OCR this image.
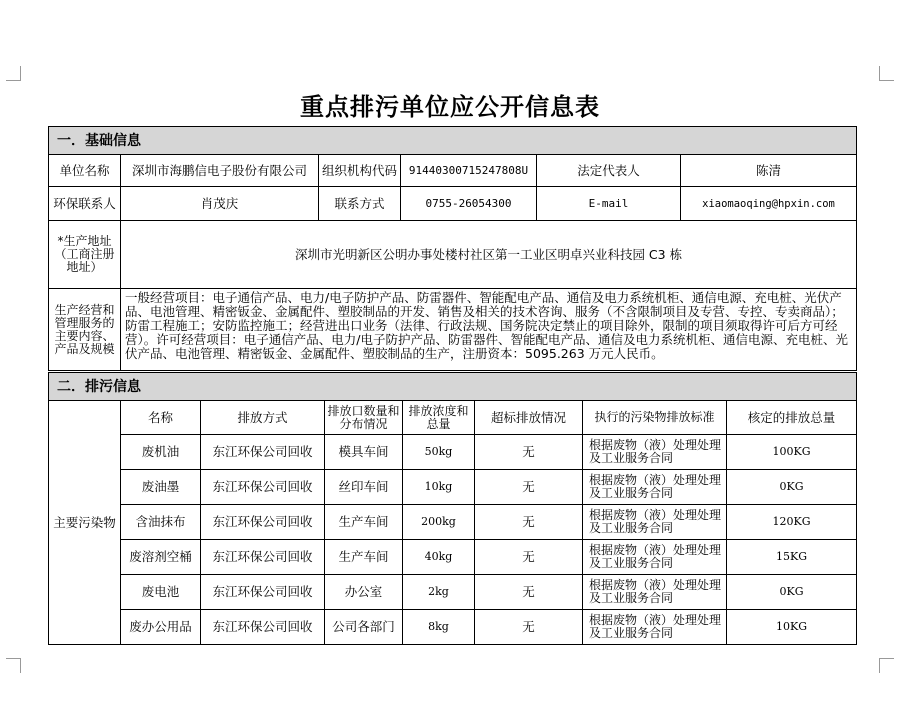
重点排污单位应公开信息表
一．基础信息					
单位名称	深圳市海鹏信电子股份有限公司	组织机构代码	91440300715247808U	法定代表人	陈清
环保联系人	肖茂庆	联系方式	0755-26054300	E-mail	xiaomaoqing@hpxin.com
*生产地址（工商注册地址）	深圳市光明新区公明办事处楼村社区第一工业区明卓兴业科技园 C3 栋				
生产经营和管理服务的主要内容、产品及规模	一般经营项目：电子通信产品、电力/电子防护产品、防雷器件、智能配电产品、通信及电力系统机柜、通信电源、充电桩、光伏产品、电池管理、精密钣金、金属配件、塑胶制品的开发、销售及相关的技术咨询、服务（不含限制项目及专营、专控、专卖商品）；防雷工程施工；安防监控施工；经营进出口业务（法律、行政法规、国务院决定禁止的项目除外，限制的项目须取得许可后方可经营）。许可经营项目：电子通信产品、电力/电子防护产品、防雷器件、智能配电产品、通信及电力系统机柜、通信电源、充电桩、光伏产品、电池管理、精密钣金、金属配件、塑胶制品的生产，注册资本：5095.263 万元人民币。				
二．排污信息							
主要污染物	名称	排放方式	排放口数量和分布情况	排放浓度和总量	超标排放情况	执行的污染物排放标准	核定的排放总量
	废机油	东江环保公司回收	模具车间	50kg	无	根据废物（液）处理处理及工业服务合同	100KG
	废油墨	东江环保公司回收	丝印车间	10kg	无	根据废物（液）处理处理及工业服务合同	0KG
	含油抹布	东江环保公司回收	生产车间	200kg	无	根据废物（液）处理处理及工业服务合同	120KG
	废溶剂空桶	东江环保公司回收	生产车间	40kg	无	根据废物（液）处理处理及工业服务合同	15KG
	废电池	东江环保公司回收	办公室	2kg	无	根据废物（液）处理处理及工业服务合同	0KG
	废办公用品	东江环保公司回收	公司各部门	8kg	无	根据废物（液）处理处理及工业服务合同	10KG
